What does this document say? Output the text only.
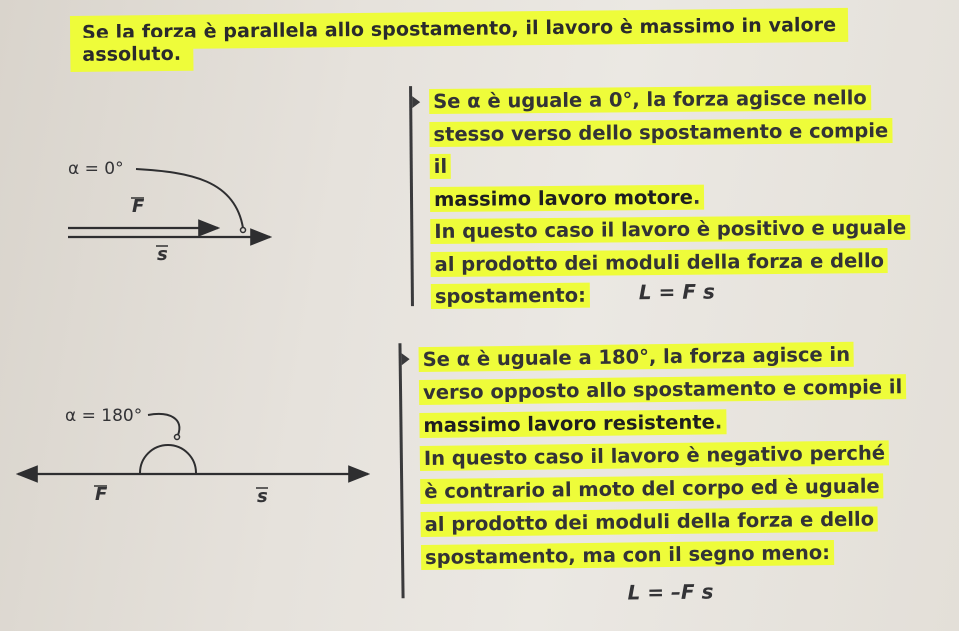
Se la forza è parallela allo spostamento, il lavoro è massimo in valore assoluto.
α = 0°
F
s

Se α è uguale a 0°, la forza agisce nello

stesso verso dello spostamento e compie il

massimo lavoro motore.

In questo caso il lavoro è positivo e uguale

al prodotto dei moduli della forza e dello

spostamento:	L = F s
α = 180°
F	s

Se α è uguale a 180°, la forza agisce in

verso opposto allo spostamento e compie il

massimo lavoro resistente.

In questo caso il lavoro è negativo perché

è contrario al moto del corpo ed è uguale

al prodotto dei moduli della forza e dello

spostamento, ma con il segno meno:

L = –F s
